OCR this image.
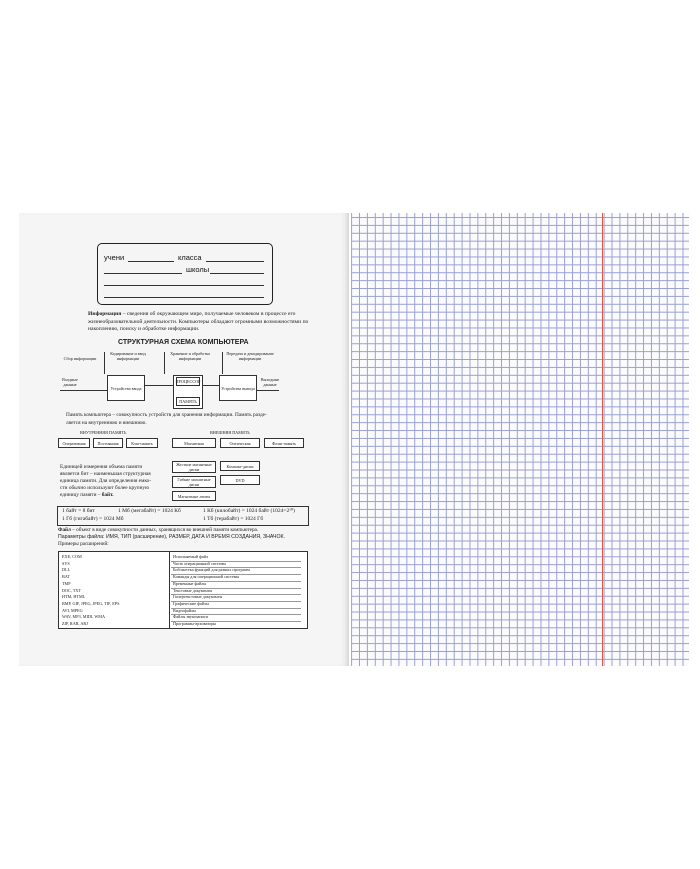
учени	класса
школы
Информация – сведения об окружающем мире, получаемые человеком в процессе его
жизнеобразовательной деятельности. Компьютеры обладают огромными возможностями по
накоплению, поиску и обработке информации.
СТРУКТУРНАЯ СХЕМА КОМПЬЮТЕРА
Сбор информации
Кодирование и ввод информации
Хранение и обработка информации
Передача и декодирование информации
Входные данные
Устройства ввода
ПРОЦЕССОР
ПАМЯТЬ
Устройства вывода
Выходные данные
Память компьютера – совокупность устройств для хранения информации. Память разде-
ляется на внутреннюю и внешнюю.
ВНУТРЕННЯЯ ПАМЯТЬ	ВНЕШНЯЯ ПАМЯТЬ
Оперативная	Постоянная	Кэш-память	Магнитная	Оптическая	Флэш-память
Жесткие магнитные диски
Гибкие магнитные диски
Магнитные ленты
Компакт-диски
DVD
Единицей измерения объема памяти
является бит – наименьшая структурная
единица памяти. Для определения емко-
сти обычно используют более крупную
единицу памяти – байт.
1 байт = 8 бит	1 Мб (мегабайт) = 1024 Кб	1 Кб (килобайт) = 1024 байт (1024=2¹⁰)
1 Гб (гигабайт) = 1024 Мб	1 Тб (терабайт) = 1024 Гб
Файл – объект в виде совокупности данных, хранящихся во внешней памяти компьютера.
Параметры файла: ИМЯ, ТИП (расширение), РАЗМЕР, ДАТА И ВРЕМЯ СОЗДАНИЯ, ЗНАЧОК.
Примеры расширений:
EXE, COM	Исполняемый файл
SYS	Часть операционной системы
DLL	Библиотека функций для разных программ
BAT	Команды для операционной системы
TMP	Временные файлы
DOC, TXT	Текстовые документы
HTM, HTML	Гипертекстовые документы
BMP, GIF, JPEG, JPEG, TIF, EPS	Графические файлы
AVI, MPEG	Видеофайлы
WAV, MP3, MIDI, WMA	Файлы звукозаписи
ZIP, RAR, ARJ	Программы-архиваторы
